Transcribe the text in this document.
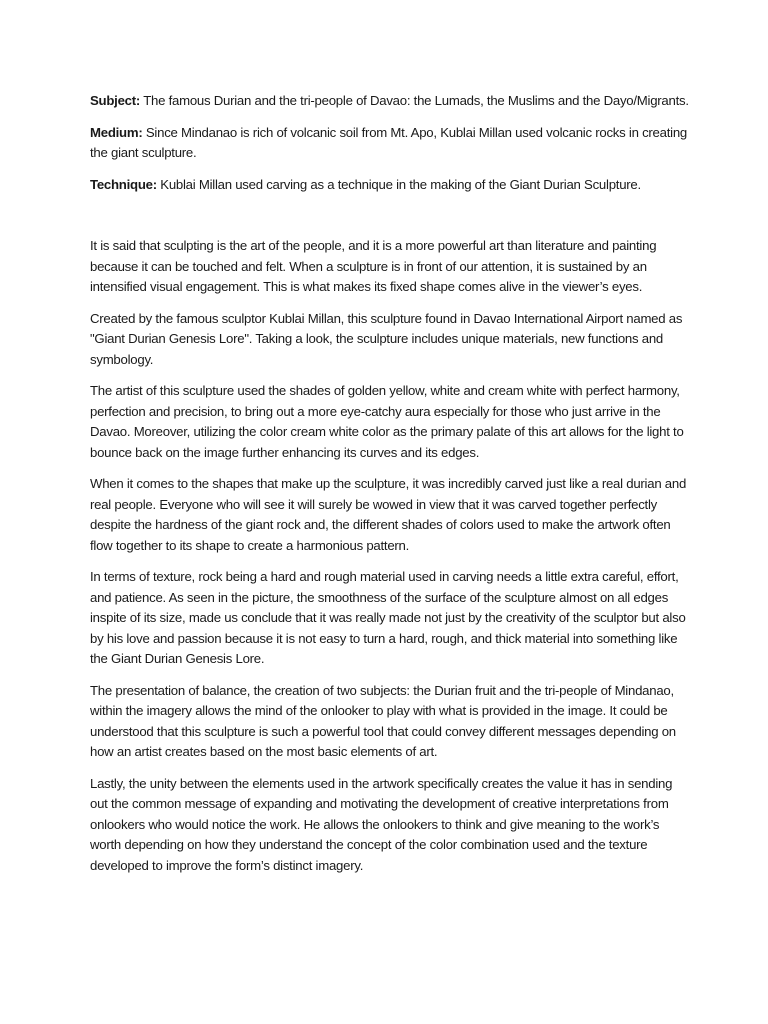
Subject: The famous Durian and the tri-people of Davao: the Lumads, the Muslims and the Dayo/Migrants.

Medium: Since Mindanao is rich of volcanic soil from Mt. Apo, Kublai Millan used volcanic rocks in creating the giant sculpture.

Technique: Kublai Millan used carving as a technique in the making of the Giant Durian Sculpture.

It is said that sculpting is the art of the people, and it is a more powerful art than literature and painting because it can be touched and felt. When a sculpture is in front of our attention, it is sustained by an intensified visual engagement. This is what makes its fixed shape comes alive in the viewer’s eyes.

Created by the famous sculptor Kublai Millan, this sculpture found in Davao International Airport named as "Giant Durian Genesis Lore". Taking a look, the sculpture includes unique materials, new functions and symbology.

The artist of this sculpture used the shades of golden yellow, white and cream white with perfect harmony, perfection and precision, to bring out a more eye-catchy aura especially for those who just arrive in the Davao. Moreover, utilizing the color cream white color as the primary palate of this art allows for the light to bounce back on the image further enhancing its curves and its edges.

When it comes to the shapes that make up the sculpture, it was incredibly carved just like a real durian and real people. Everyone who will see it will surely be wowed in view that it was carved together perfectly despite the hardness of the giant rock and, the different shades of colors used to make the artwork often flow together to its shape to create a harmonious pattern.

In terms of texture, rock being a hard and rough material used in carving needs a little extra careful, effort, and patience. As seen in the picture, the smoothness of the surface of the sculpture almost on all edges inspite of its size, made us conclude that it was really made not just by the creativity of the sculptor but also by his love and passion because it is not easy to turn a hard, rough, and thick material into something like the Giant Durian Genesis Lore.

The presentation of balance, the creation of two subjects: the Durian fruit and the tri-people of Mindanao, within the imagery allows the mind of the onlooker to play with what is provided in the image. It could be understood that this sculpture is such a powerful tool that could convey different messages depending on how an artist creates based on the most basic elements of art.

Lastly, the unity between the elements used in the artwork specifically creates the value it has in sending out the common message of expanding and motivating the development of creative interpretations from onlookers who would notice the work. He allows the onlookers to think and give meaning to the work’s worth depending on how they understand the concept of the color combination used and the texture developed to improve the form’s distinct imagery.
